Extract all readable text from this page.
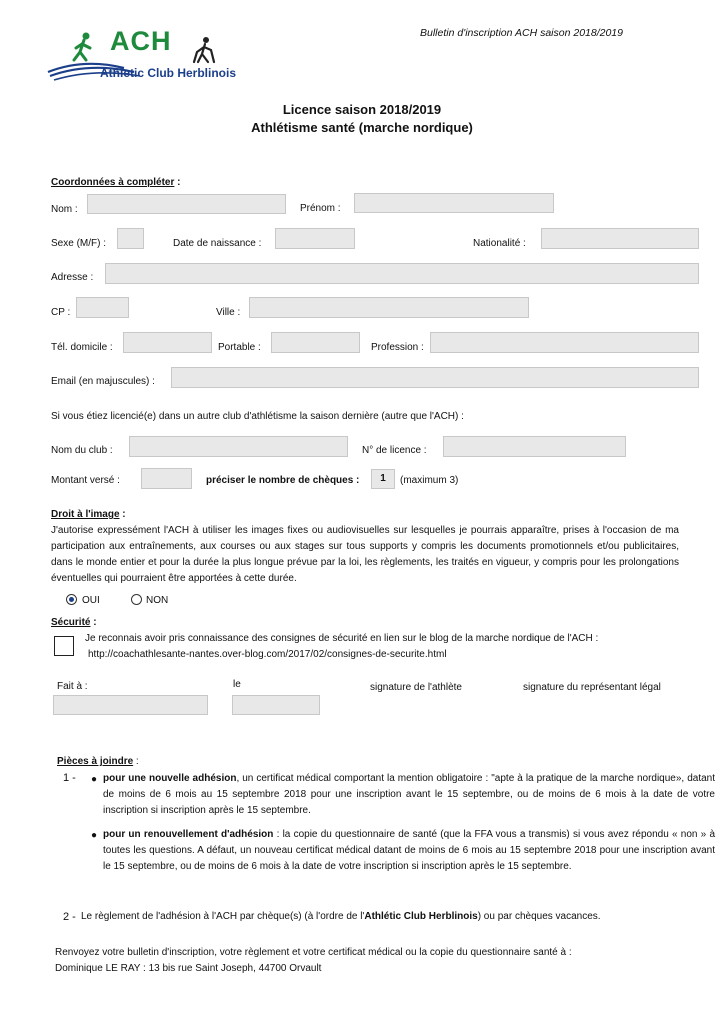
ACH
Athletic Club Herblinois
Bulletin d'inscription ACH saison 2018/2019
Licence saison 2018/2019
Athlétisme santé (marche nordique)
Coordonnées à compléter :
Nom :	Prénom :
Sexe (M/F) :	Date de naissance :	Nationalité :
Adresse :
CP :	Ville :
Tél. domicile :	Portable :	Profession :
Email (en majuscules) :
Si vous étiez licencié(e) dans un autre club d'athlétisme la saison dernière (autre que l'ACH) :
Nom du club :	N° de licence :
Montant versé :	préciser le nombre de chèques :	1	(maximum 3)
Droit à l'image :
J'autorise expressément l'ACH à utiliser les images fixes ou audiovisuelles sur lesquelles je pourrais apparaître, prises à l'occasion de ma participation aux entraînements, aux courses ou aux stages sur tous supports y compris les documents promotionnels et/ou publicitaires, dans le monde entier et pour la durée la plus longue prévue par la loi, les règlements, les traités en vigueur, y compris pour les prolongations éventuelles qui pourraient être apportées à cette durée.
OUI	NON
Sécurité :
Je reconnais avoir pris connaissance des consignes de sécurité en lien sur le blog de la marche nordique de l'ACH :
http://coachathlesante-nantes.over-blog.com/2017/02/consignes-de-securite.html
Fait à :	le	signature de l'athlète	signature du représentant légal
Pièces à joindre :
1 - ● pour une nouvelle adhésion, un certificat médical comportant la mention obligatoire : "apte à la pratique de la marche nordique», datant de moins de 6 mois au 15 septembre 2018 pour une inscription avant le 15 septembre, ou de moins de 6 mois à la date de votre inscription si inscription après le 15 septembre.
● pour un renouvellement d'adhésion : la copie du questionnaire de santé (que la FFA vous a transmis) si vous avez répondu « non » à toutes les questions. A défaut, un nouveau certificat médical datant de moins de 6 mois au 15 septembre 2018 pour une inscription avant le 15 septembre, ou de moins de 6 mois à la date de votre inscription si inscription après le 15 septembre.
2 - Le règlement de l'adhésion à l'ACH par chèque(s) (à l'ordre de l'Athlétic Club Herblinois) ou par chèques vacances.
Renvoyez votre bulletin d'inscription, votre règlement et votre certificat médical ou la copie du questionnaire santé à :
Dominique LE RAY : 13 bis rue Saint Joseph, 44700 Orvault
